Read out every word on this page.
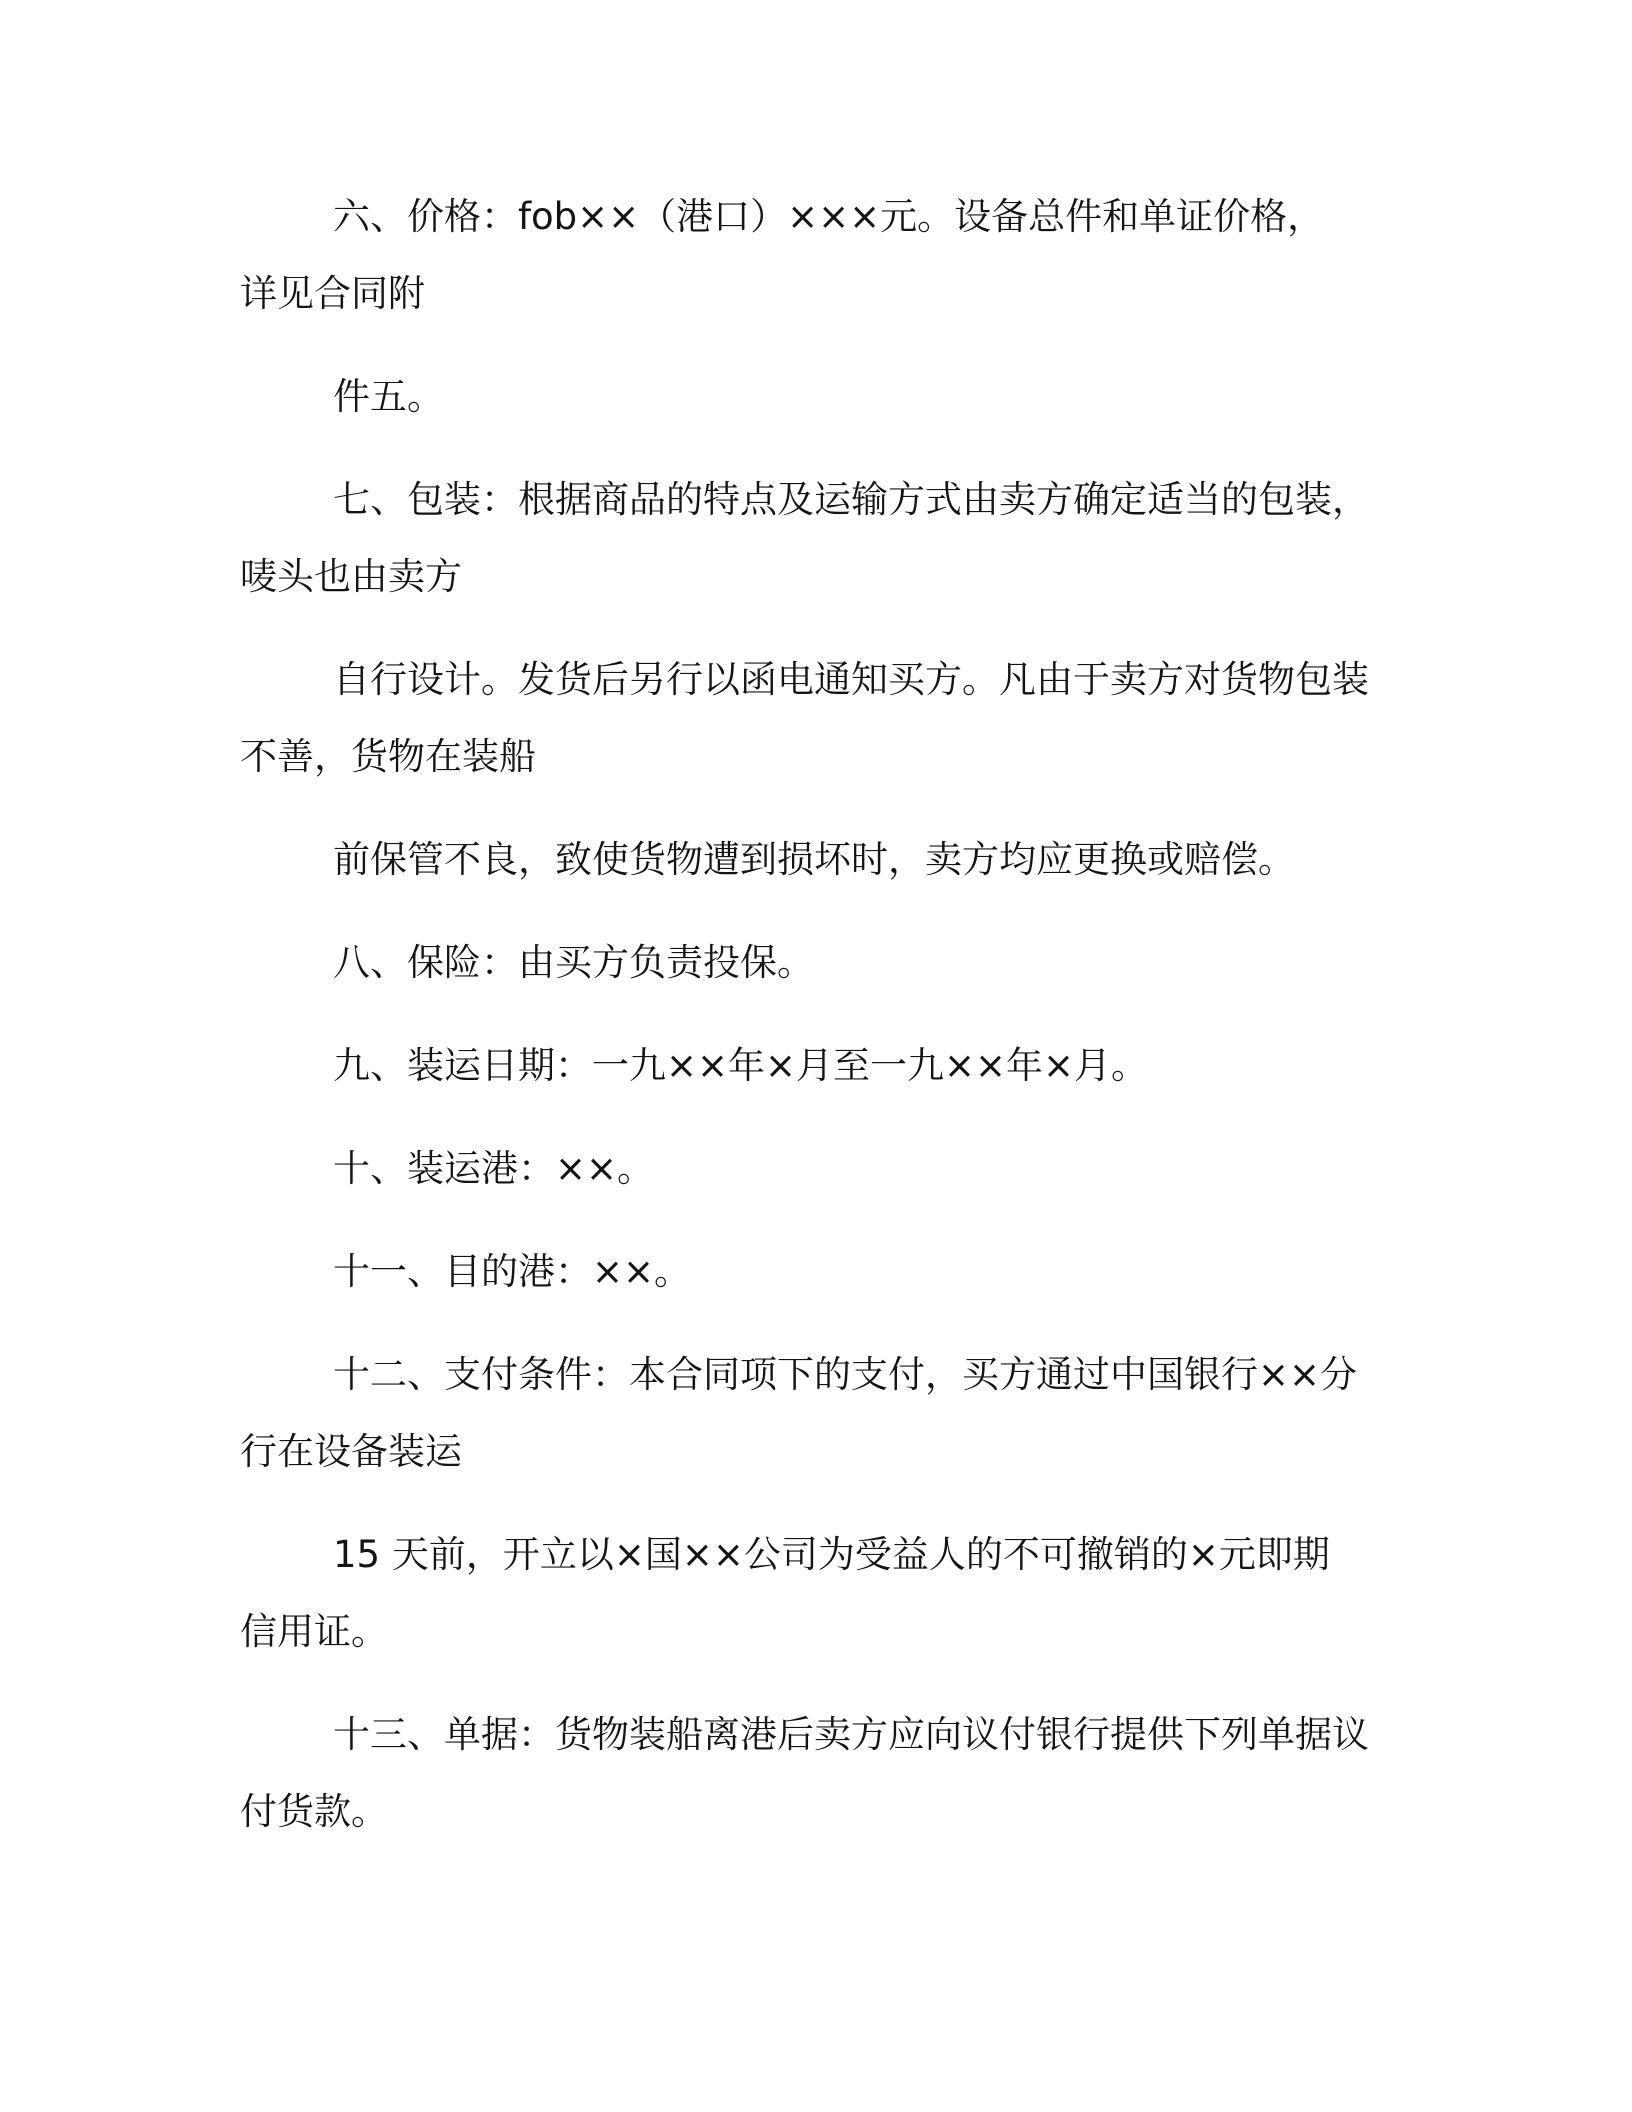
六、价格：fob××（港口）×××元。设备总件和单证价格，
详见合同附
件五。
七、包装：根据商品的特点及运输方式由卖方确定适当的包装，
唛头也由卖方
自行设计。发货后另行以函电通知买方。凡由于卖方对货物包装
不善，货物在装船
前保管不良，致使货物遭到损坏时，卖方均应更换或赔偿。
八、保险：由买方负责投保。
九、装运日期：一九××年×月至一九××年×月。
十、装运港：××。
十一、目的港：××。
十二、支付条件：本合同项下的支付，买方通过中国银行××分
行在设备装运
15 天前，开立以×国××公司为受益人的不可撤销的×元即期
信用证。
十三、单据：货物装船离港后卖方应向议付银行提供下列单据议
付货款。
